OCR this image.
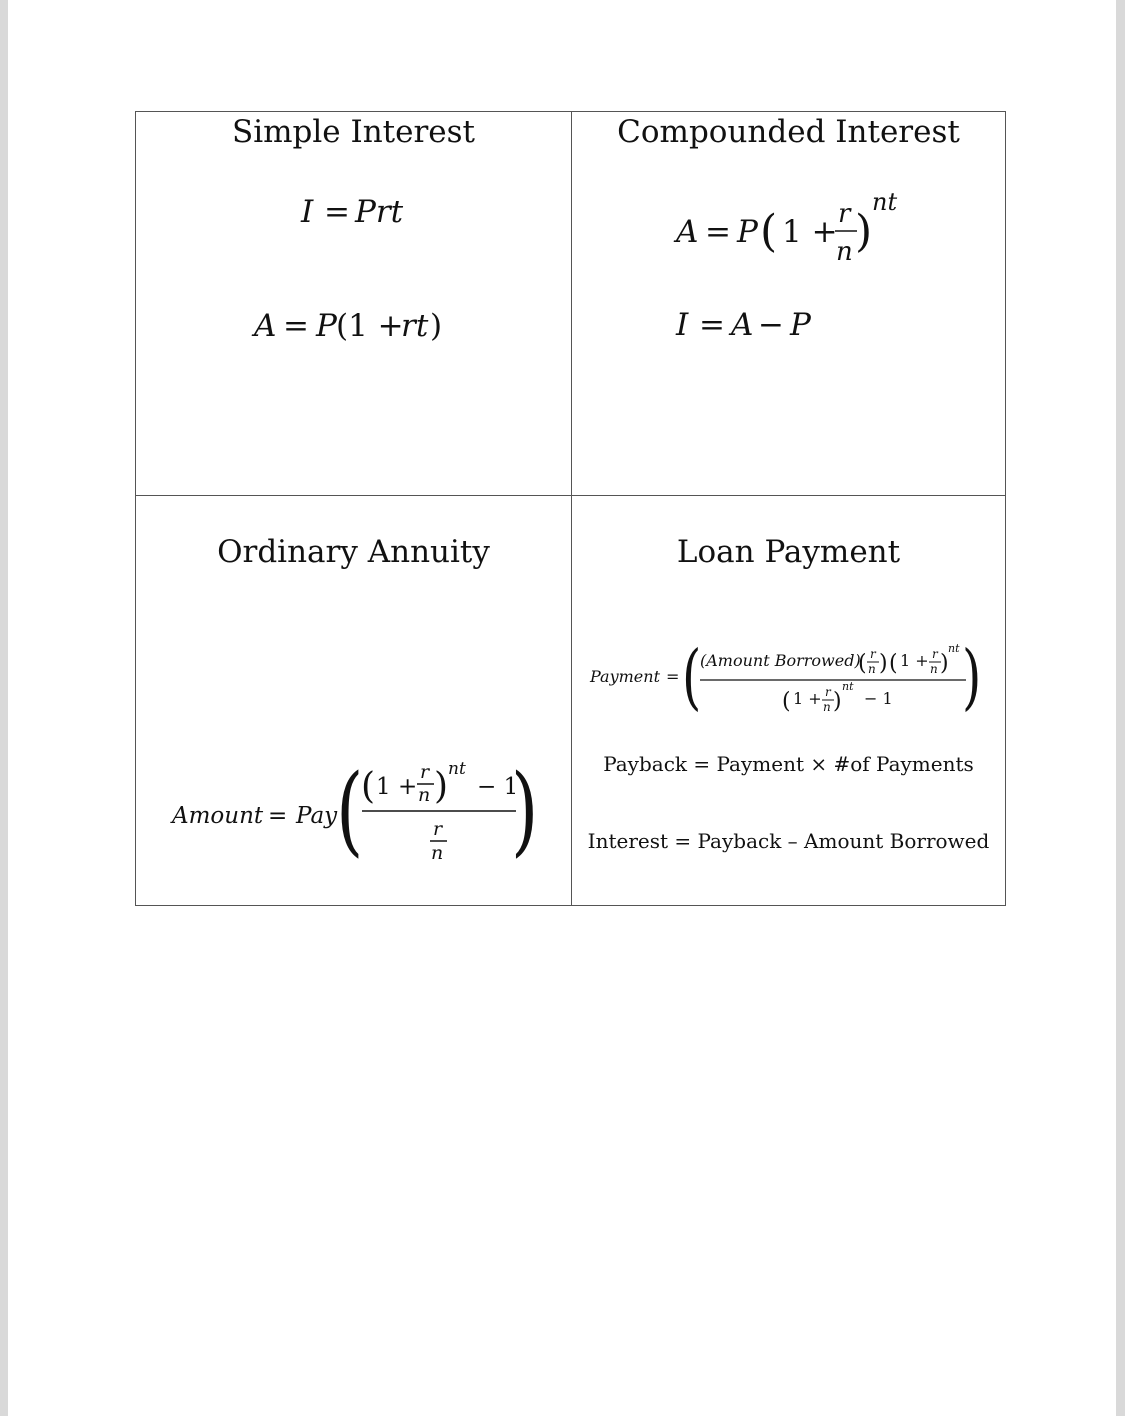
Simple Interest
I = Prt
A = P (1 +
rt )
Compounded Interest
A = P ( 1 + r
n )
nt
I = A − P
Ordinary Annuity
Amount = Pay
(
( 1 +
r
n ) nt
− 1
r
n )
Loan Payment
Payment = (
(Amount Borrowed)
( r
n ) ( 1 + r
n )
nt
( 1 + r
n )
nt
− 1 )
Payback = Payment × #of Payments
Interest = Payback – Amount Borrowed
